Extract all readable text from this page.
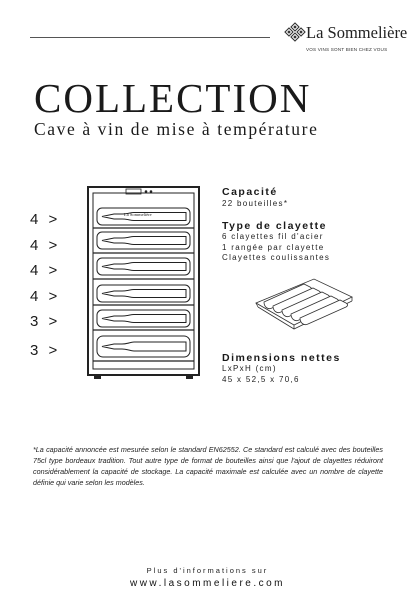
La Sommelière
VOS VINS SONT BIEN CHEZ VOUS
COLLECTION
Cave à vin de mise à température
4 >
4 >
4 >
4 >
3 >
3 >
La Sommelière
Capacité
22 bouteilles*
Type de clayette
6 clayettes fil d'acier
1 rangée par clayette
Clayettes coulissantes
Dimensions nettes
LxPxH (cm)
45 x 52,5 x 70,6
*La capacité annoncée est mesurée selon le standard EN62552. Ce standard est calculé avec des bouteilles 75cl type bordeaux tradition. Tout autre type de format de bouteilles ainsi que l'ajout de clayettes réduiront considérablement la capacité de stockage. La capacité maximale est calculée avec un nombre de clayette définie qui varie selon les modèles.
Plus d'informations sur
www.lasommeliere.com
